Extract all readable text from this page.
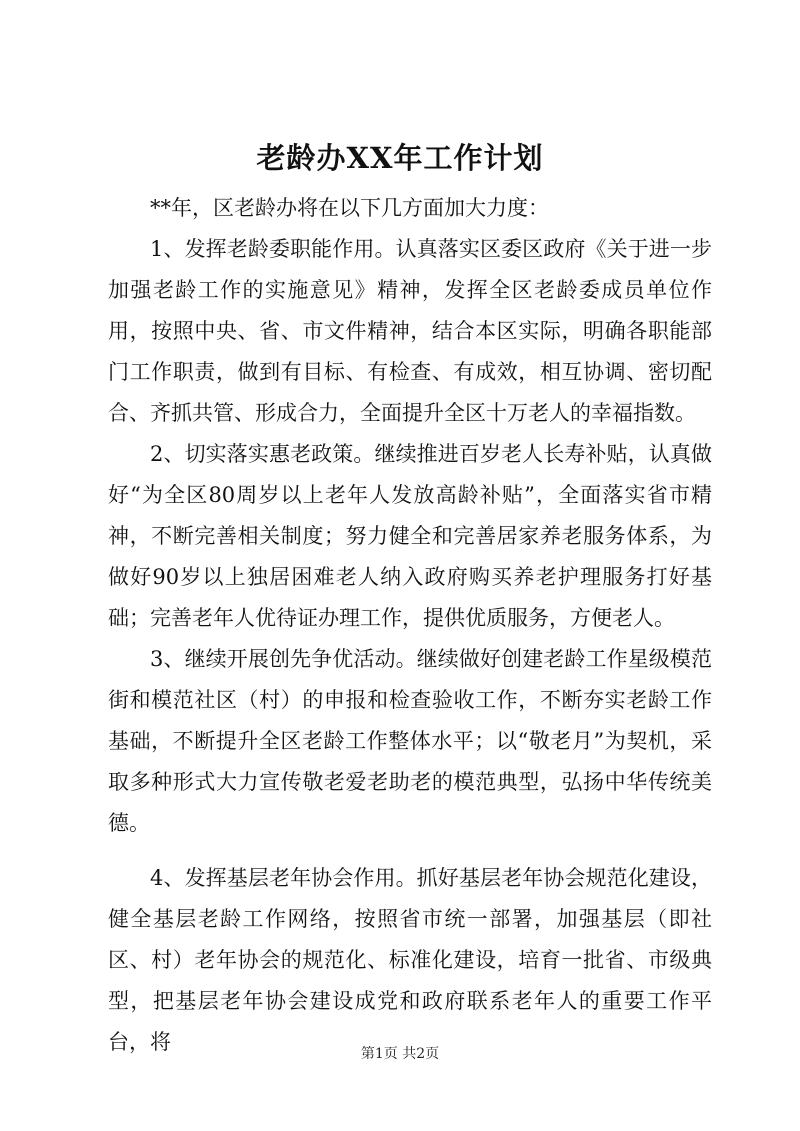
老龄办XX年工作计划

**年，区老龄办将在以下几方面加大力度：

1、发挥老龄委职能作用。认真落实区委区政府《关于进一步加强老龄工作的实施意见》精神，发挥全区老龄委成员单位作用，按照中央、省、市文件精神，结合本区实际，明确各职能部门工作职责，做到有目标、有检查、有成效，相互协调、密切配合、齐抓共管、形成合力，全面提升全区十万老人的幸福指数。

2、切实落实惠老政策。继续推进百岁老人长寿补贴，认真做好“为全区80周岁以上老年人发放高龄补贴”，全面落实省市精神，不断完善相关制度；努力健全和完善居家养老服务体系，为做好90岁以上独居困难老人纳入政府购买养老护理服务打好基础；完善老年人优待证办理工作，提供优质服务，方便老人。

3、继续开展创先争优活动。继续做好创建老龄工作星级模范街和模范社区（村）的申报和检查验收工作，不断夯实老龄工作基础，不断提升全区老龄工作整体水平；以“敬老月”为契机，采取多种形式大力宣传敬老爱老助老的模范典型，弘扬中华传统美德。

4、发挥基层老年协会作用。抓好基层老年协会规范化建设，健全基层老龄工作网络，按照省市统一部署，加强基层（即社区、村）老年协会的规范化、标准化建设，培育一批省、市级典型，把基层老年协会建设成党和政府联系老年人的重要工作平台，将	第1页 共2页
